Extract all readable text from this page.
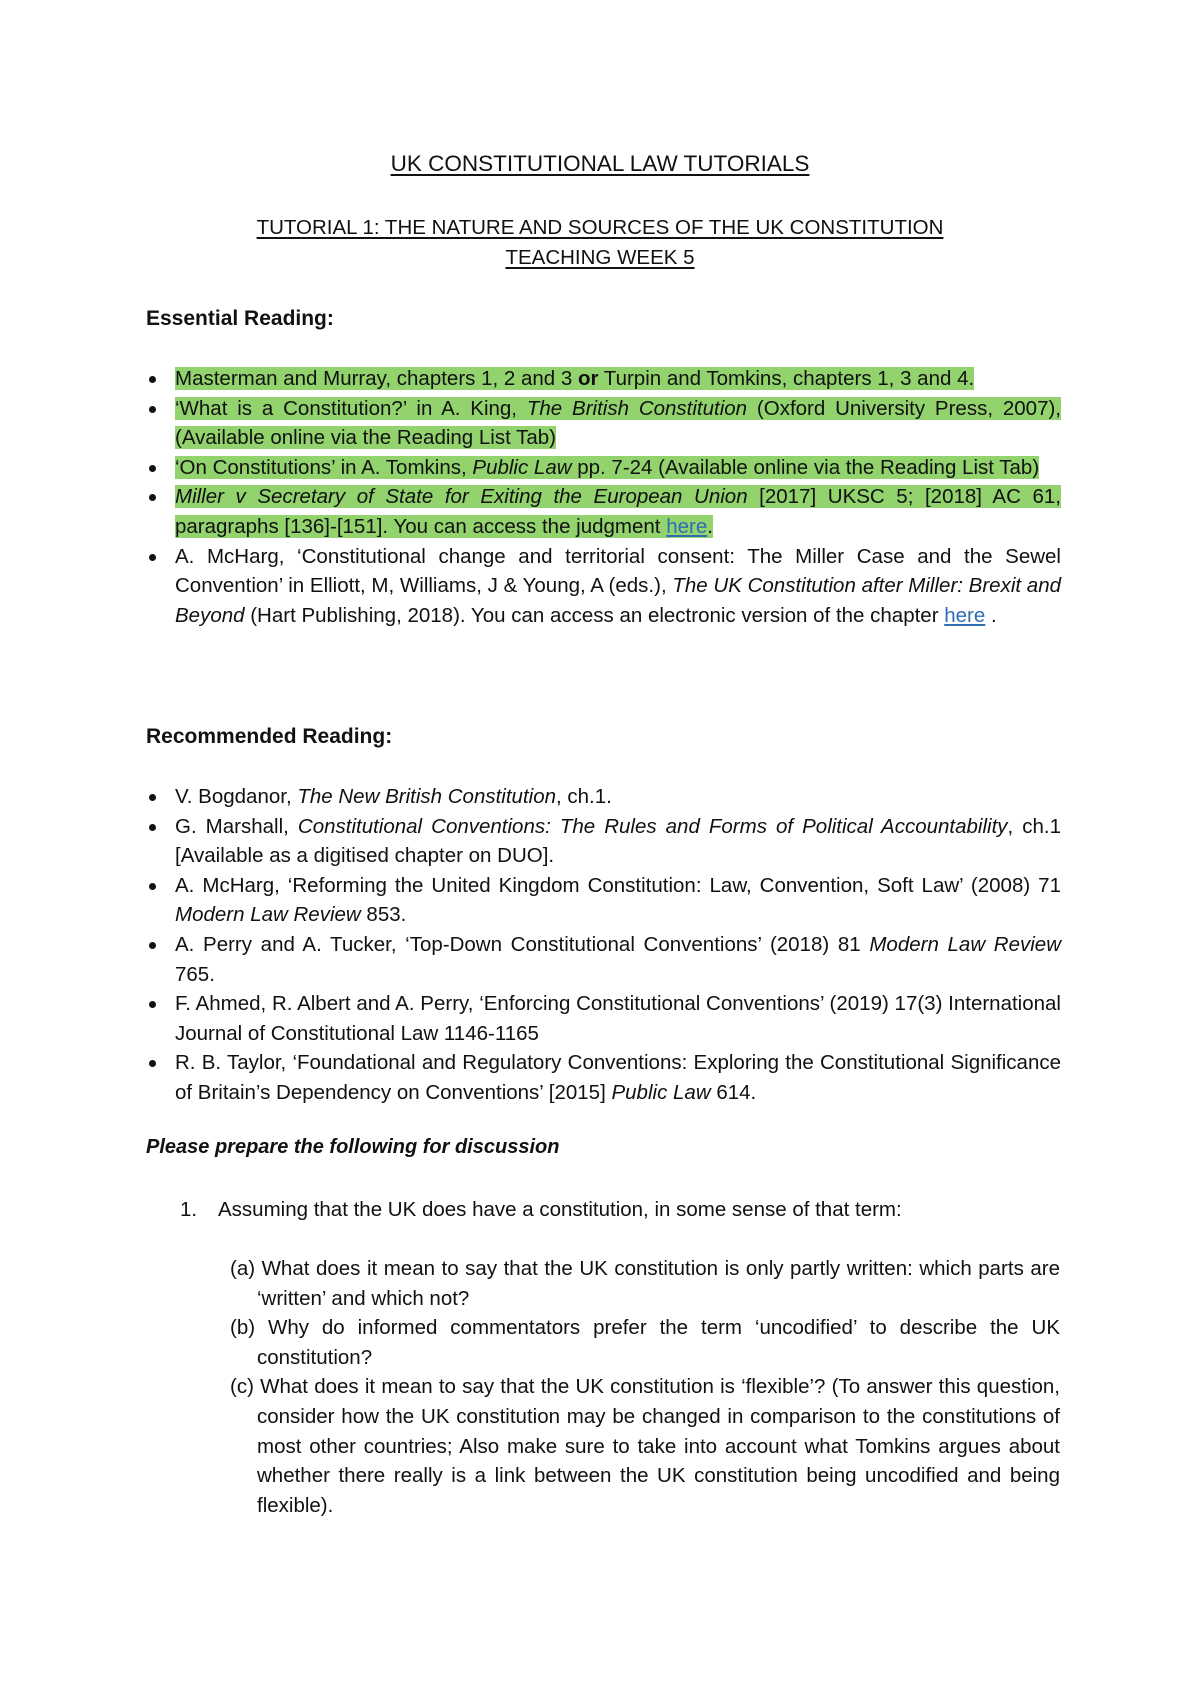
UK CONSTITUTIONAL LAW TUTORIALS
TUTORIAL 1: THE NATURE AND SOURCES OF THE UK CONSTITUTION
TEACHING WEEK 5
Essential Reading:
Masterman and Murray, chapters 1, 2 and 3 or Turpin and Tomkins, chapters 1, 3 and 4.
‘What is a Constitution?’ in A. King, The British Constitution (Oxford University Press, 2007), (Available online via the Reading List Tab)
‘On Constitutions’ in A. Tomkins, Public Law pp. 7-24 (Available online via the Reading List Tab)
Miller v Secretary of State for Exiting the European Union [2017] UKSC 5; [2018] AC 61, paragraphs [136]-[151]. You can access the judgment here.
A. McHarg, ‘Constitutional change and territorial consent: The Miller Case and the Sewel Convention’ in Elliott, M, Williams, J & Young, A (eds.), The UK Constitution after Miller: Brexit and Beyond (Hart Publishing, 2018). You can access an electronic version of the chapter here .
Recommended Reading:
V. Bogdanor, The New British Constitution, ch.1.
G. Marshall, Constitutional Conventions: The Rules and Forms of Political Accountability, ch.1 [Available as a digitised chapter on DUO].
A. McHarg, ‘Reforming the United Kingdom Constitution: Law, Convention, Soft Law’ (2008) 71 Modern Law Review 853.
A. Perry and A. Tucker, ‘Top-Down Constitutional Conventions’ (2018) 81 Modern Law Review 765.
F. Ahmed, R. Albert and A. Perry, ‘Enforcing Constitutional Conventions’ (2019) 17(3) International Journal of Constitutional Law 1146-1165
R. B. Taylor, ‘Foundational and Regulatory Conventions: Exploring the Constitutional Significance of Britain’s Dependency on Conventions’ [2015] Public Law 614.
Please prepare the following for discussion
1. Assuming that the UK does have a constitution, in some sense of that term:
(a) What does it mean to say that the UK constitution is only partly written: which parts are ‘written’ and which not?
(b) Why do informed commentators prefer the term ‘uncodified’ to describe the UK constitution?
(c) What does it mean to say that the UK constitution is ‘flexible’? (To answer this question, consider how the UK constitution may be changed in comparison to the constitutions of most other countries; Also make sure to take into account what Tomkins argues about whether there really is a link between the UK constitution being uncodified and being flexible).
